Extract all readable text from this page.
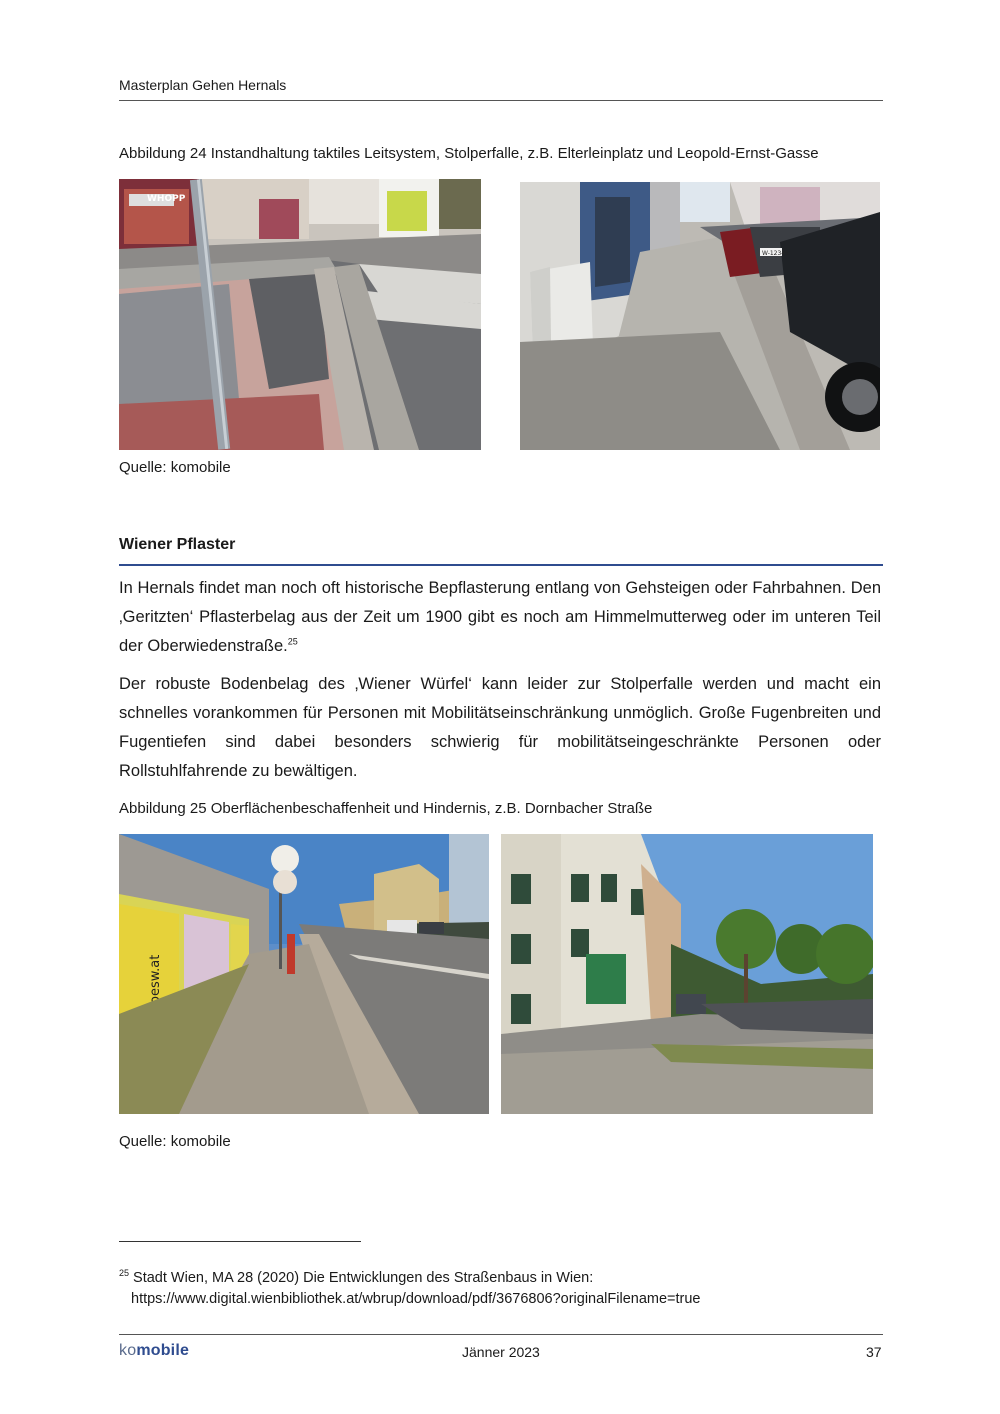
Masterplan Gehen Hernals
Abbildung 24 Instandhaltung taktiles Leitsystem, Stolperfalle, z.B. Elterleinplatz und Leopold-Ernst-Gasse
WHOPP
W-12345
Quelle: komobile
Wiener Pflaster
In Hernals findet man noch oft historische Bepflasterung entlang von Gehsteigen oder Fahrbahnen. Den ‚Geritzten‘ Pflasterbelag aus der Zeit um 1900 gibt es noch am Himmelmutterweg oder im unteren Teil der Oberwiedenstraße.$^{25}$
Der robuste Bodenbelag des ‚Wiener Würfel‘ kann leider zur Stolperfalle werden und macht ein schnelles vorankommen für Personen mit Mobilitätseinschränkung unmöglich. Große Fugenbreiten und Fugentiefen sind dabei besonders schwierig für mobilitätseingeschränkte Personen oder Rollstuhlfahrende zu bewältigen.
Abbildung 25 Oberflächenbeschaffenheit und Hindernis, z.B. Dornbacher Straße
oesw.at
Quelle: komobile
$^{25}$ Stadt Wien, MA 28 (2020) Die Entwicklungen des Straßenbaus in Wien:
https://www.digital.wienbibliothek.at/wbrup/download/pdf/3676806?originalFilename=true
komobile	Jänner 2023	37
